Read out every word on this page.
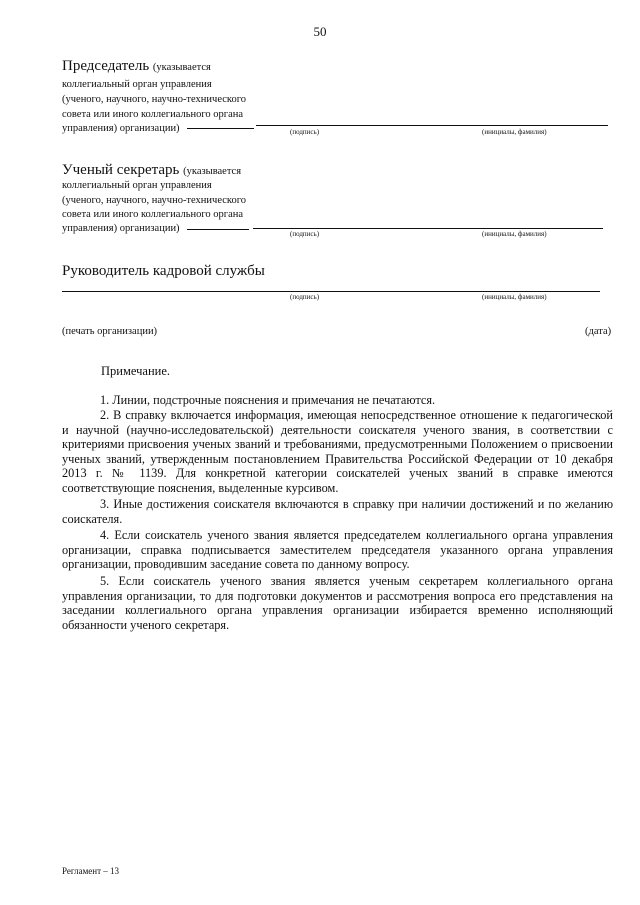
50
Председатель (указывается
коллегиальный орган управления
(ученого, научного, научно-технического
совета или иного коллегиального органа
управления) организации)	(подпись)	(инициалы, фамилия)
Ученый секретарь (указывается
коллегиальный орган управления
(ученого, научного, научно-технического
совета или иного коллегиального органа
управления) организации)	(подпись)	(инициалы, фамилия)
Руководитель кадровой службы
(подпись)	(инициалы, фамилия)
(печать организации)	(дата)
Примечание.
1. Линии, подстрочные пояснения и примечания не печатаются.
2. В справку включается информация, имеющая непосредственное отношение к педагогической и научной (научно-исследовательской) деятельности соискателя ученого звания, в соответствии с критериями присвоения ученых званий и требованиями, предусмотренными Положением о присвоении ученых званий, утвержденным постановлением Правительства Российской Федерации от 10 декабря 2013 г. № 1139. Для конкретной категории соискателей ученых званий в справке имеются соответствующие пояснения, выделенные курсивом.
3. Иные достижения соискателя включаются в справку при наличии достижений и по желанию соискателя.
4. Если соискатель ученого звания является председателем коллегиального органа управления организации, справка подписывается заместителем председателя указанного органа управления организации, проводившим заседание совета по данному вопросу.
5. Если соискатель ученого звания является ученым секретарем коллегиального органа управления организации, то для подготовки документов и рассмотрения вопроса его представления на заседании коллегиального органа управления организации избирается временно исполняющий обязанности ученого секретаря.
Регламент – 13
